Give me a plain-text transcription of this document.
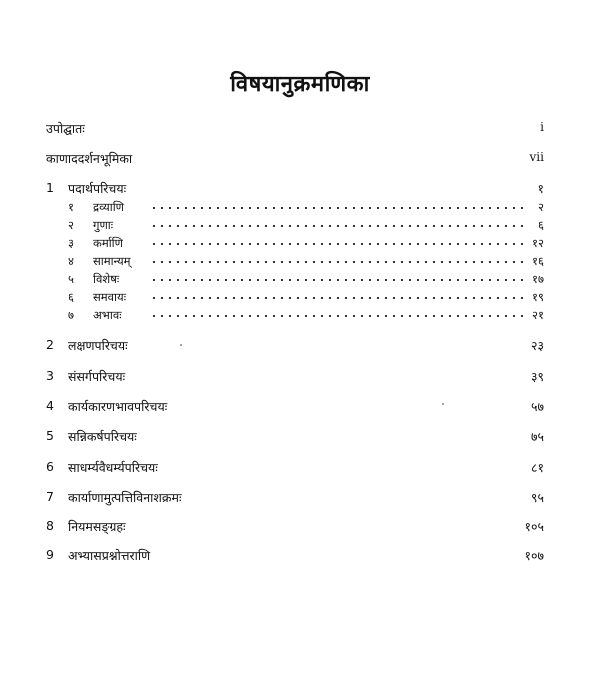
विषयानुक्रमणिका
उपोद्घातः	i
काणाददर्शनभूमिका	vii
1 पदार्थपरिचयः	१
१ द्रव्याणि	२
२ गुणाः	६
३ कर्माणि	१२
४ सामान्यम्	१६
५ विशेषः	१७
६ समवायः	१९
७ अभावः	२१
2 लक्षणपरिचयः	२३
3 संसर्गपरिचयः	३९
4 कार्यकारणभावपरिचयः	५७
5 सन्निकर्षपरिचयः	७५
6 साधर्म्यवैधर्म्यपरिचयः	८१
7 कार्याणामुत्पत्तिविनाशक्रमः	९५
8 नियमसङ्ग्रहः	१०५
9 अभ्यासप्रश्नोत्तराणि	१०७
